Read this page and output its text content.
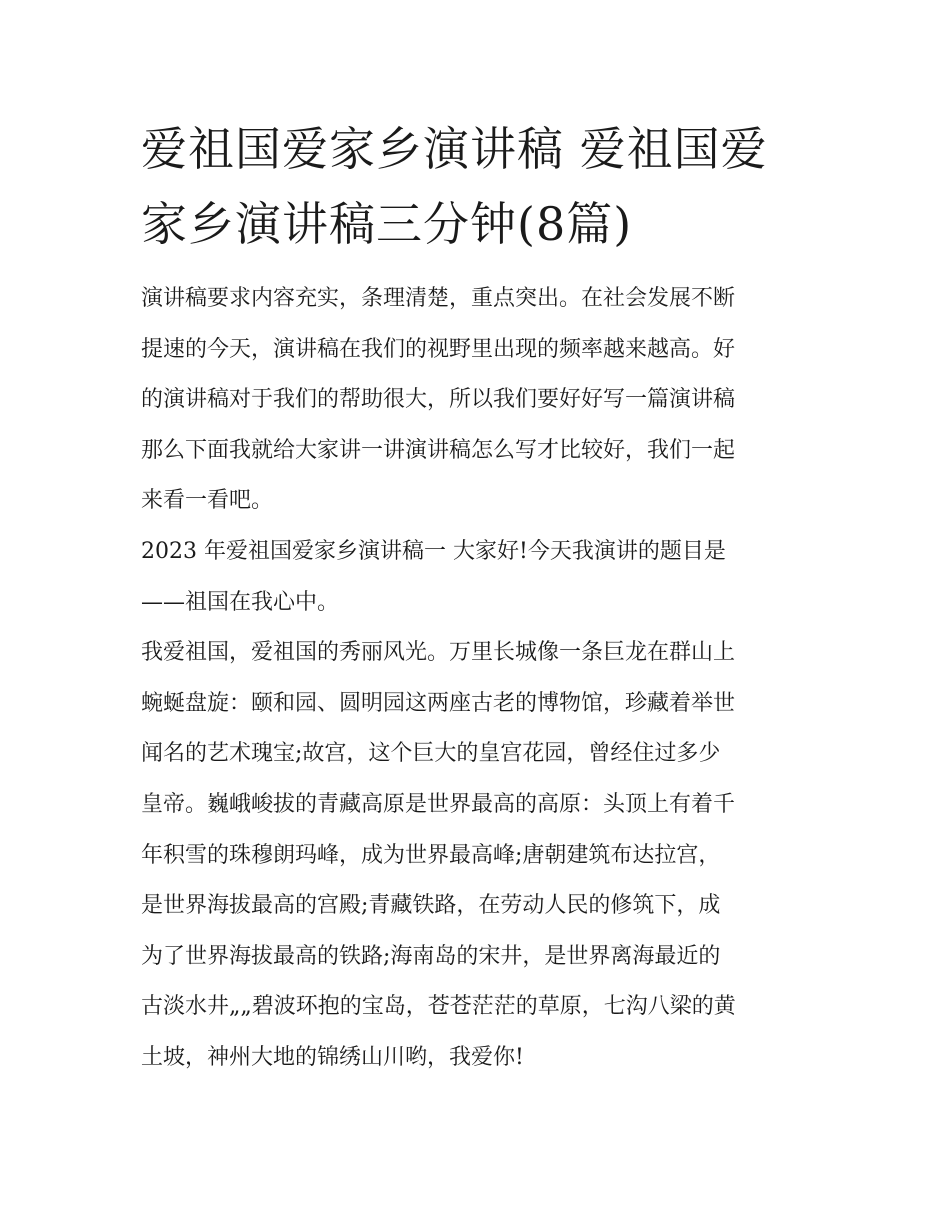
爱祖国爱家乡演讲稿 爱祖国爱
家乡演讲稿三分钟(8篇)

演讲稿要求内容充实，条理清楚，重点突出。在社会发展不断
提速的今天，演讲稿在我们的视野里出现的频率越来越高。好
的演讲稿对于我们的帮助很大，所以我们要好好写一篇演讲稿
那么下面我就给大家讲一讲演讲稿怎么写才比较好，我们一起
来看一看吧。

2023 年爱祖国爱家乡演讲稿一 大家好!今天我演讲的题目是
——祖国在我心中。

我爱祖国，爱祖国的秀丽风光。万里长城像一条巨龙在群山上
蜿蜒盘旋：颐和园、圆明园这两座古老的博物馆，珍藏着举世
闻名的艺术瑰宝;故宫，这个巨大的皇宫花园，曾经住过多少
皇帝。巍峨峻拔的青藏高原是世界最高的高原：头顶上有着千
年积雪的珠穆朗玛峰，成为世界最高峰;唐朝建筑布达拉宫，
是世界海拔最高的宫殿;青藏铁路，在劳动人民的修筑下，成
为了世界海拔最高的铁路;海南岛的宋井，是世界离海最近的
古淡水井„„碧波环抱的宝岛，苍苍茫茫的草原，七沟八梁的黄
土坡，神州大地的锦绣山川哟，我爱你!
